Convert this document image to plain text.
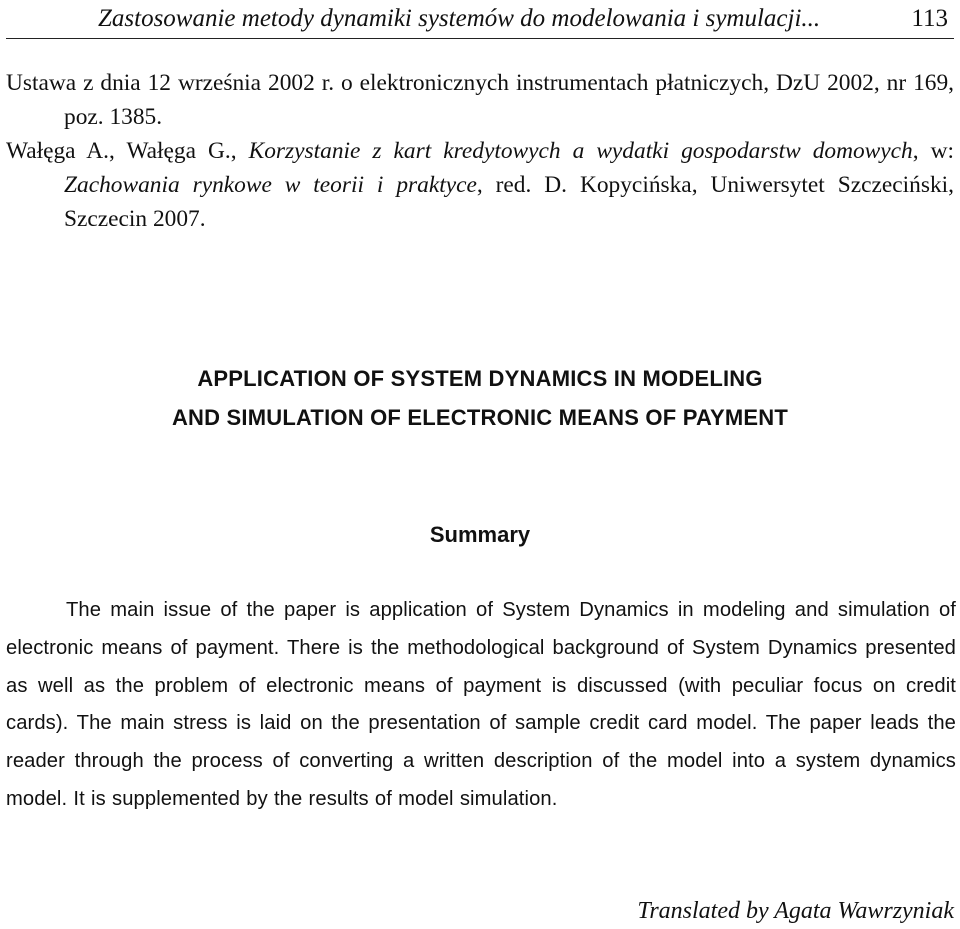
Zastosowanie metody dynamiki systemów do modelowania i symulacji...	113

Ustawa z dnia 12 września 2002 r. o elektronicznych instrumentach płatniczych, DzU 2002, nr 169, poz. 1385.

Wałęga A., Wałęga G., Korzystanie z kart kredytowych a wydatki gospodarstw domowych, w: Zachowania rynkowe w teorii i praktyce, red. D. Kopycińska, Uniwersytet Szczeciński, Szczecin 2007.

APPLICATION OF SYSTEM DYNAMICS IN MODELING
AND SIMULATION OF ELECTRONIC MEANS OF PAYMENT
Summary

The main issue of the paper is application of System Dynamics in modeling and simulation of electronic means of payment. There is the methodological background of System Dynamics presented as well as the problem of electronic means of payment is discussed (with peculiar focus on credit cards). The main stress is laid on the presentation of sample credit card model. The paper leads the reader through the process of converting a written description of the model into a system dynamics model. It is supplemented by the results of model simulation.

Translated by Agata Wawrzyniak
